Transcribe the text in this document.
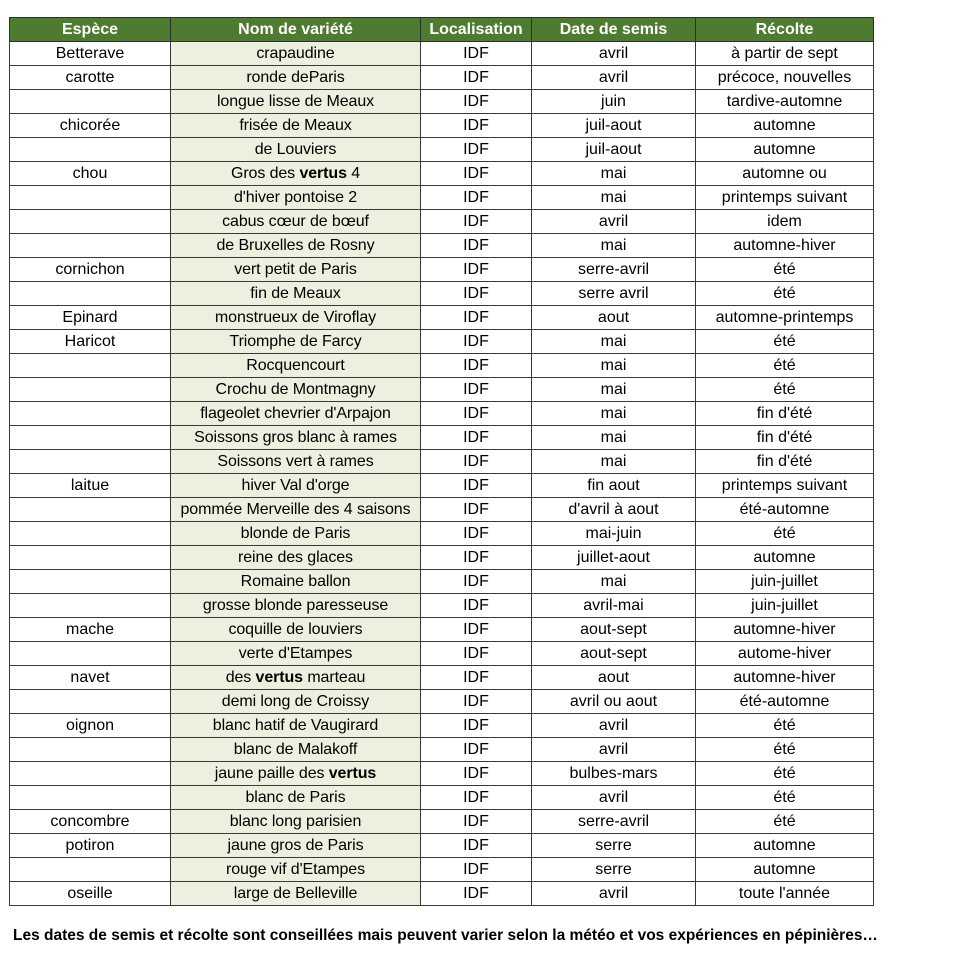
Espèce	Nom de variété	Localisation	Date de semis	Récolte
Betterave	crapaudine	IDF	avril	à partir de sept
carotte	ronde deParis	IDF	avril	précoce, nouvelles
	longue lisse de Meaux	IDF	juin	tardive-automne
chicorée	frisée de Meaux	IDF	juil-aout	automne
	de Louviers	IDF	juil-aout	automne
chou	Gros des vertus 4	IDF	mai	automne ou
	d'hiver pontoise 2	IDF	mai	printemps suivant
	cabus cœur de bœuf	IDF	avril	idem
	de Bruxelles de Rosny	IDF	mai	automne-hiver
cornichon	vert petit de Paris	IDF	serre-avril	été
	fin de Meaux	IDF	serre avril	été
Epinard	monstrueux de Viroflay	IDF	aout	automne-printemps
Haricot	Triomphe de Farcy	IDF	mai	été
	Rocquencourt	IDF	mai	été
	Crochu de Montmagny	IDF	mai	été
	flageolet chevrier d'Arpajon	IDF	mai	fin d'été
	Soissons gros blanc à rames	IDF	mai	fin d'été
	Soissons vert à rames	IDF	mai	fin d'été
laitue	hiver Val d'orge	IDF	fin aout	printemps suivant
	pommée Merveille des 4 saisons	IDF	d'avril à aout	été-automne
	blonde de Paris	IDF	mai-juin	été
	reine des glaces	IDF	juillet-aout	automne
	Romaine ballon	IDF	mai	juin-juillet
	grosse blonde paresseuse	IDF	avril-mai	juin-juillet
mache	coquille de louviers	IDF	aout-sept	automne-hiver
	verte d'Etampes	IDF	aout-sept	autome-hiver
navet	des vertus marteau	IDF	aout	automne-hiver
	demi long de Croissy	IDF	avril ou aout	été-automne
oignon	blanc hatif de Vaugirard	IDF	avril	été
	blanc de Malakoff	IDF	avril	été
	jaune paille des vertus	IDF	bulbes-mars	été
	blanc de Paris	IDF	avril	été
concombre	blanc long parisien	IDF	serre-avril	été
potiron	jaune gros de Paris	IDF	serre	automne
	rouge vif d'Etampes	IDF	serre	automne
oseille	large de Belleville	IDF	avril	toute l'année
Les dates de semis et récolte sont conseillées mais peuvent varier selon la météo et vos expériences en pépinières…
